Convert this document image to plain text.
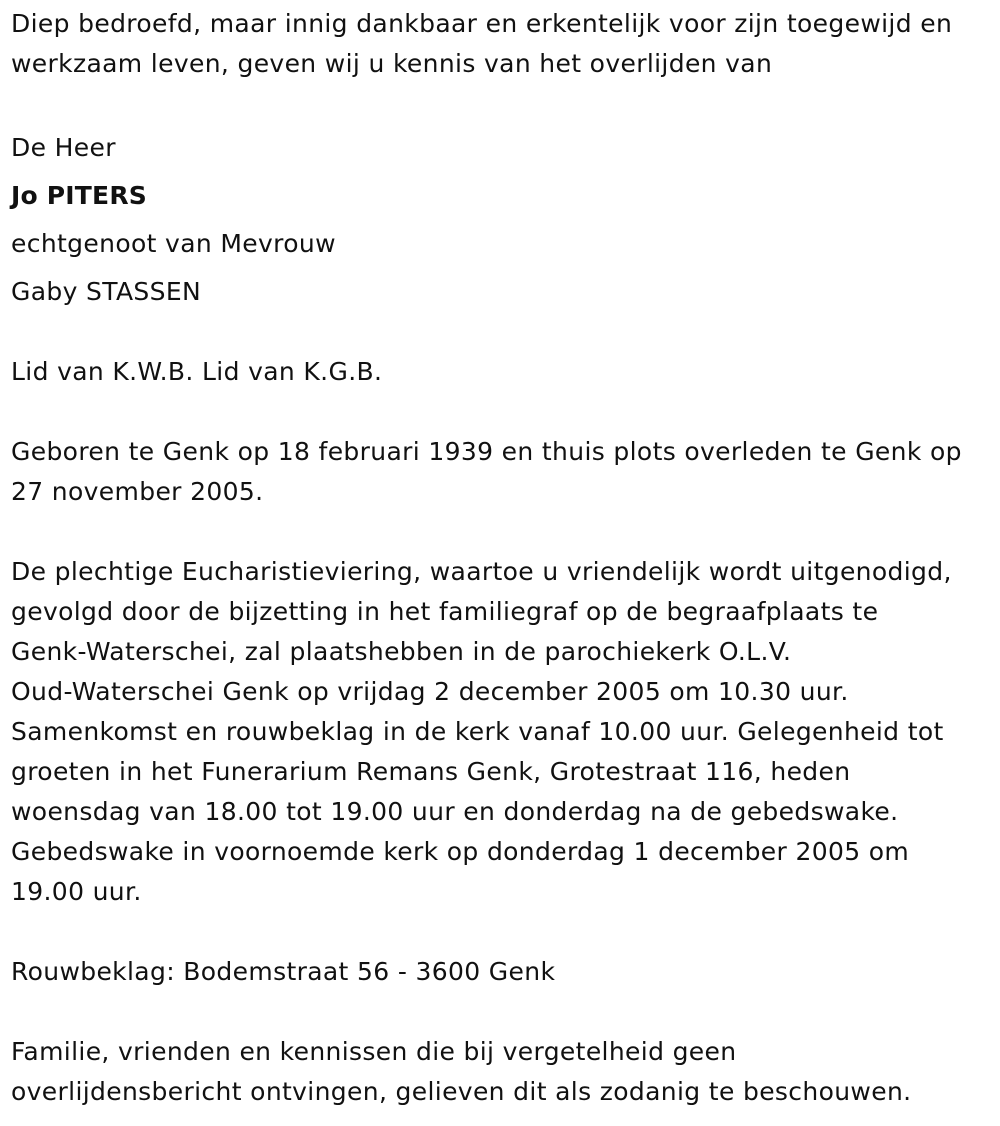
Diep bedroefd, maar innig dankbaar en erkentelijk voor zijn toegewijd en

werkzaam leven, geven wij u kennis van het overlijden van

De Heer

Jo PITERS

echtgenoot van Mevrouw

Gaby STASSEN

Lid van K.W.B. Lid van K.G.B.

Geboren te Genk op 18 februari 1939 en thuis plots overleden te Genk op

27 november 2005.

De plechtige Eucharistieviering, waartoe u vriendelijk wordt uitgenodigd,

gevolgd door de bijzetting in het familiegraf op de begraafplaats te

Genk-Waterschei, zal plaatshebben in de parochiekerk O.L.V.

Oud-Waterschei Genk op vrijdag 2 december 2005 om 10.30 uur.

Samenkomst en rouwbeklag in de kerk vanaf 10.00 uur. Gelegenheid tot

groeten in het Funerarium Remans Genk, Grotestraat 116, heden

woensdag van 18.00 tot 19.00 uur en donderdag na de gebedswake.

Gebedswake in voornoemde kerk op donderdag 1 december 2005 om

19.00 uur.

Rouwbeklag: Bodemstraat 56 - 3600 Genk

Familie, vrienden en kennissen die bij vergetelheid geen

overlijdensbericht ontvingen, gelieven dit als zodanig te beschouwen.
